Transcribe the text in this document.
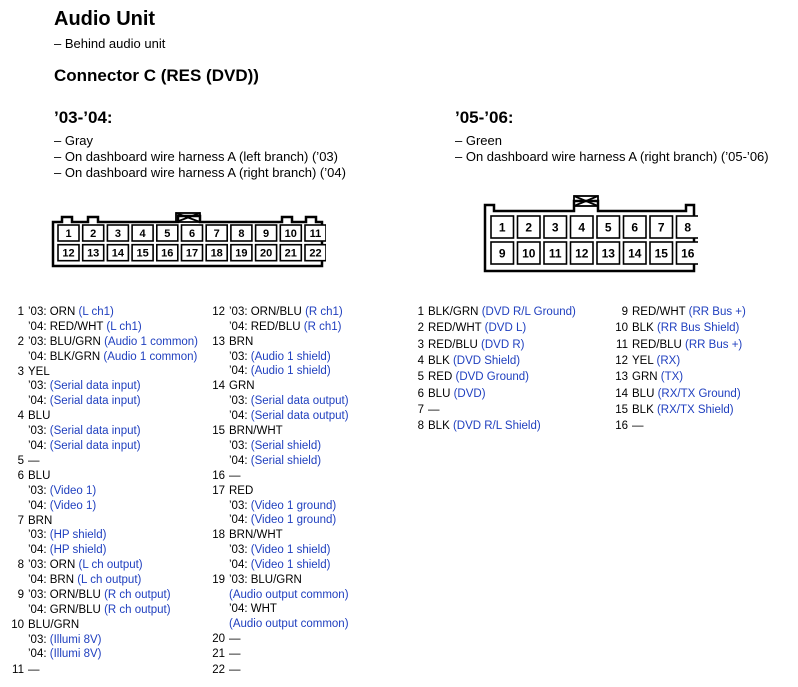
Audio Unit
– Behind audio unit
Connector C (RES (DVD))
’03-’04:
– Gray
– On dashboard wire harness A (left branch) (’03)
– On dashboard wire harness A (right branch) (’04)
’05-’06:
– Green
– On dashboard wire harness A (right branch) (’05-’06)
1 2 3 4 5 6 7 8 9 10 11
12 13 14 15 16 17 18 19 20 21 22
1 2 3 4 5 6 7 8
9 10 11 12 13 14 15 16
1 ’03: ORN (L ch1)
’04: RED/WHT (L ch1)
2 ’03: BLU/GRN (Audio 1 common)
’04: BLK/GRN (Audio 1 common)
3 YEL
’03: (Serial data input)
’04: (Serial data input)
4 BLU
’03: (Serial data input)
’04: (Serial data input)
5 —
6 BLU
’03: (Video 1)
’04: (Video 1)
7 BRN
’03: (HP shield)
’04: (HP shield)
8 ’03: ORN (L ch output)
’04: BRN (L ch output)
9 ’03: ORN/BLU (R ch output)
’04: GRN/BLU (R ch output)
10 BLU/GRN
’03: (Illumi 8V)
’04: (Illumi 8V)
11 —
12 ’03: ORN/BLU (R ch1)
’04: RED/BLU (R ch1)
13 BRN
’03: (Audio 1 shield)
’04: (Audio 1 shield)
14 GRN
’03: (Serial data output)
’04: (Serial data output)
15 BRN/WHT
’03: (Serial shield)
’04: (Serial shield)
16 —
17 RED
’03: (Video 1 ground)
’04: (Video 1 ground)
18 BRN/WHT
’03: (Video 1 shield)
’04: (Video 1 shield)
19 ’03: BLU/GRN
(Audio output common)
’04: WHT
(Audio output common)
20 —
21 —
22 —
1 BLK/GRN (DVD R/L Ground)
2 RED/WHT (DVD L)
3 RED/BLU (DVD R)
4 BLK (DVD Shield)
5 RED (DVD Ground)
6 BLU (DVD)
7 —
8 BLK (DVD R/L Shield)
9 RED/WHT (RR Bus +)
10 BLK (RR Bus Shield)
11 RED/BLU (RR Bus +)
12 YEL (RX)
13 GRN (TX)
14 BLU (RX/TX Ground)
15 BLK (RX/TX Shield)
16 —
